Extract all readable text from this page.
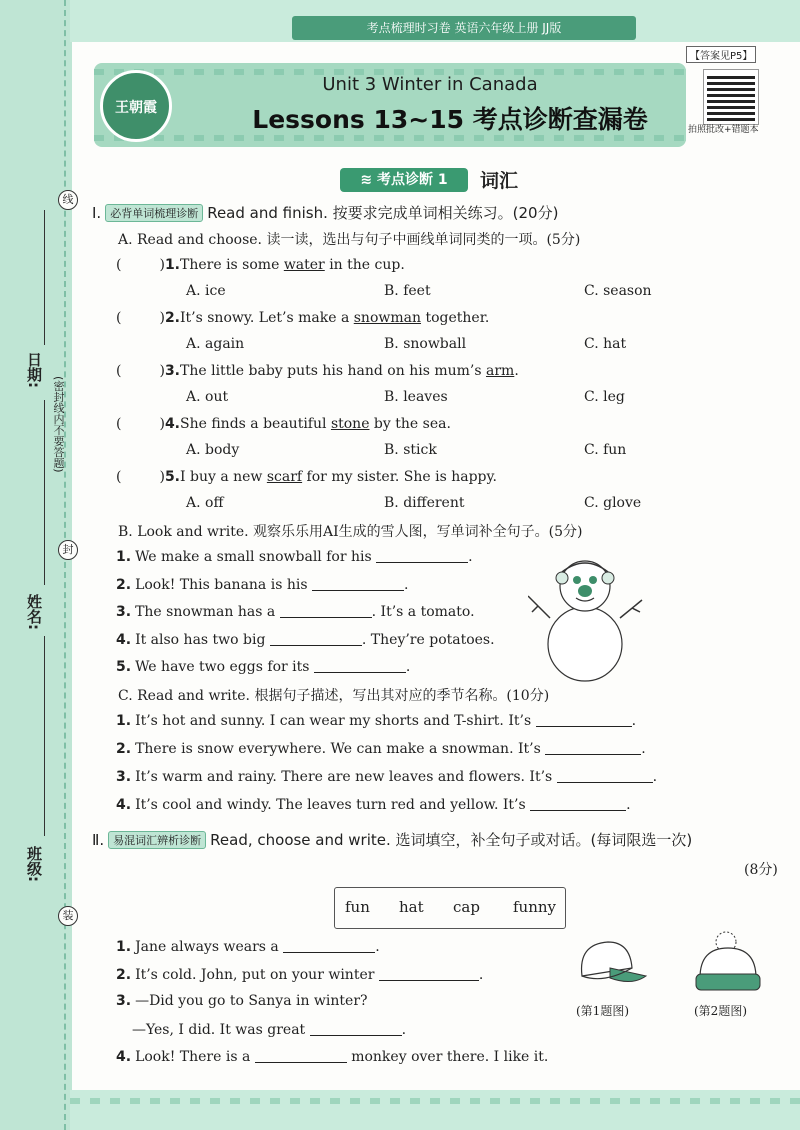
班级:
姓名:
日期:
(密封线内不要答题)
线
封
装
考点梳理时习卷 英语六年级上册 JJ版
【答案见P5】
王朝霞
Unit 3 Winter in Canada
Lessons 13~15 考点诊断查漏卷	拍照批改+错题本
≋ 考点诊断 1	词汇
Ⅰ. 必背单词梳理诊断 Read and finish. 按要求完成单词相关练习。(20分)
A. Read and choose. 读一读，选出与句子中画线单词同类的一项。(5分)
(	)1.There is some water in the cup.
A. ice	B. feet	C. season
(	)2.It’s snowy. Let’s make a snowman together.
A. again	B. snowball	C. hat
(	)3.The little baby puts his hand on his mum’s arm.
A. out	B. leaves	C. leg
(	)4.She finds a beautiful stone by the sea.
A. body	B. stick	C. fun
(	)5.I buy a new scarf for my sister. She is happy.
A. off	B. different	C. glove
B. Look and write. 观察乐乐用AI生成的雪人图，写单词补全句子。(5分)
1. We make a small snowball for his	.
2. Look! This banana is his	.
3. The snowman has a	. It’s a tomato.
4. It also has two big	. They’re potatoes.
5. We have two eggs for its	.
C. Read and write. 根据句子描述，写出其对应的季节名称。(10分)
1. It’s hot and sunny. I can wear my shorts and T-shirt. It’s	.
2. There is snow everywhere. We can make a snowman. It’s	.
3. It’s warm and rainy. There are new leaves and flowers. It’s	.
4. It’s cool and windy. The leaves turn red and yellow. It’s	.
Ⅱ. 易混词汇辨析诊断 Read, choose and write. 选词填空，补全句子或对话。(每词限选一次)
(8分)
fun hat cap funny
1. Jane always wears a	.
2. It’s cold. John, put on your winter	.
3. —Did you go to Sanya in winter?
—Yes, I did. It was great	.
4. Look! There is a	monkey over there. I like it.
(第1题图)	(第2题图)
